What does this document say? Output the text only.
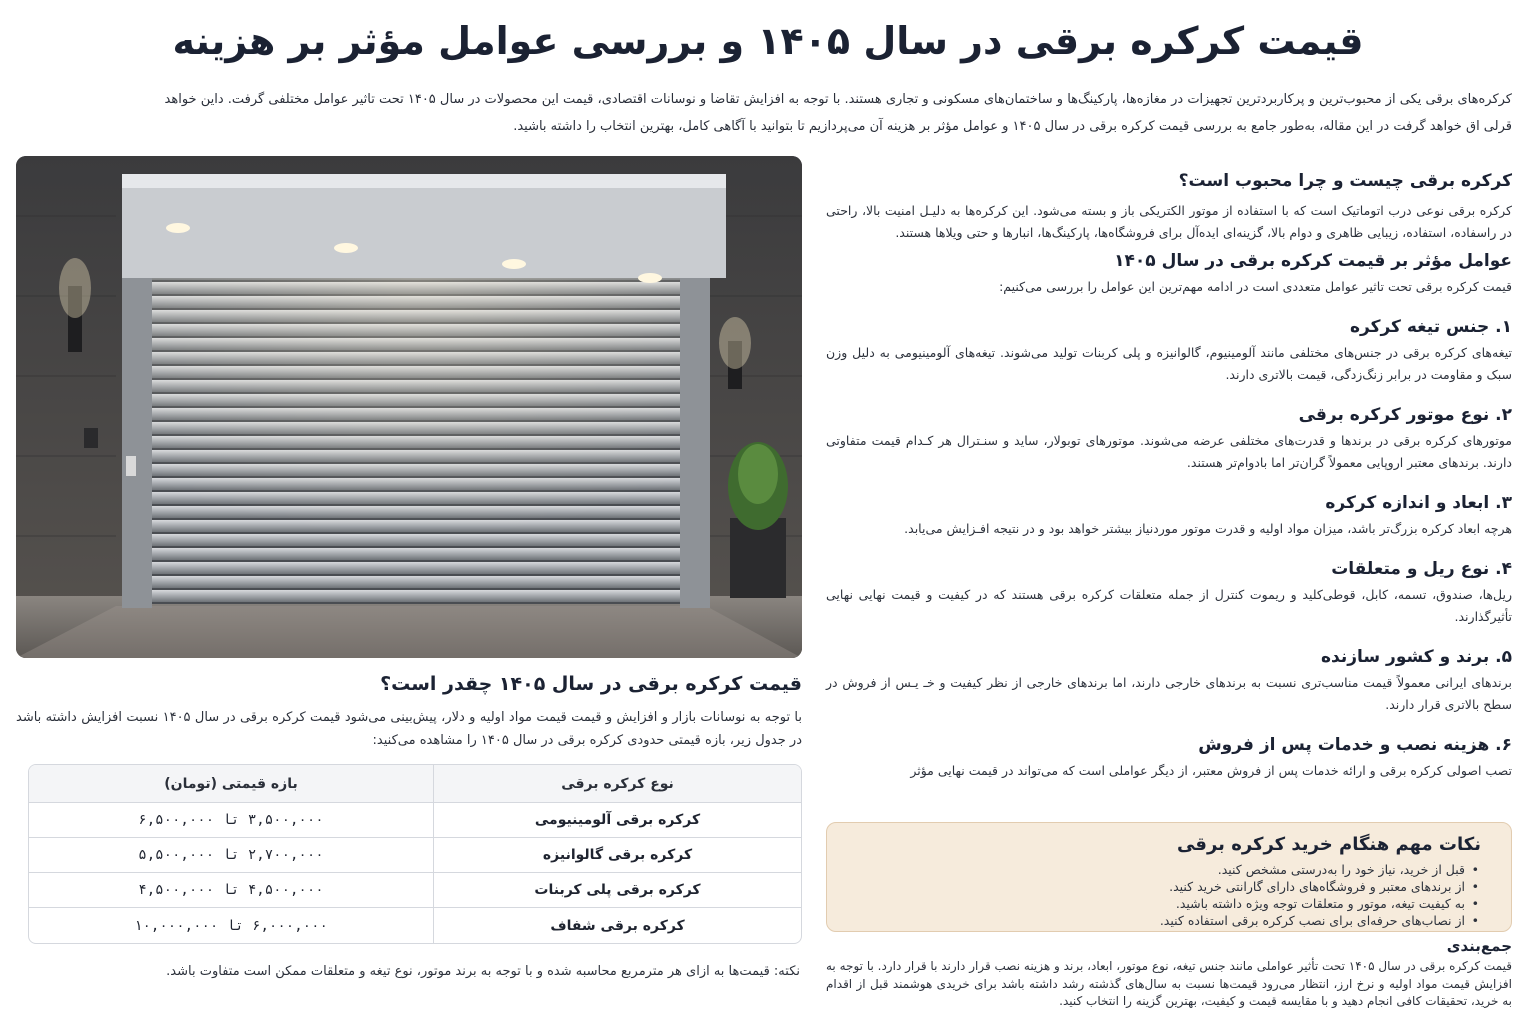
قیمت کرکره برقی در سال ۱۴۰۵ و بررسی عوامل مؤثر بر هزینه

کرکره‌های برقی یکی از محبوب‌ترین و پرکاربردترین تجهیزات در مغازه‌ها، پارکینگ‌ها و ساختمان‌های مسکونی و تجاری هستند. با توجه به افزایش تقاضا و نوسانات اقتصادی، قیمت این محصولات در سال ۱۴۰۵ تحت تاثیر عوامل مختلفی گرفت. دا‌ین خواهد

قرلی اق خواهد گرفت در این مقاله، به‌طور جامع به بررسی قیمت کرکره برقی در سال ۱۴۰۵ و عوامل مؤثر بر هزینه آن می‌پردازیم تا بتوانید با آگاهی کامل، بهترین انتخاب را داشته باشید.

کرکره برقی چیست و چرا محبوب است؟

کرکره برقی نوعی درب اتوماتیک است که با استفاده از موتور الکتریکی باز و بسته می‌شود. این کرکره‌ها به دلیـل امنیت بالا، راحتی در راسفاده، استفاده، زیبایی ظاهری و دوام بالا، گزینه‌ای ایده‌آل برای فروشگاه‌ها، پارکینگ‌ها، انبارها و حتی ویلاها هستند.

عوامل مؤثر بر قیمت کرکره برقی در سال ۱۴۰۵

قیمت کرکره برقی تحت تاثیر عوامل متعددی است در ادامه مهم‌ترین این عوامل را بررسی می‌کنیم:

۱. جنس تیغه کرکره

تیغه‌های کرکره برقی در جنس‌های مختلفی مانند آلومینیوم، گالوانیزه و پلی کربنات تولید می‌شوند. تیغه‌های آلومینیومی به دلیل وزن سبک و مقاومت در برابر زنگ‌زدگی، قیمت بالاتری دارند.

۲. نوع موتور کرکره برقی

موتورهای کرکره برقی در برندها و قدرت‌های مختلفی عرضه می‌شوند. موتورهای توبولار، ساید و سنـترال هر کـدام قیمت متفاوتی دارند. برندهای معتبر اروپایی معمولاً گران‌تر اما بادوام‌تر هستند.

۳. ابعاد و اندازه کرکره

هرچه ابعاد کرکره بزرگ‌تر باشد، میزان مواد اولیه و قدرت موتور موردنیاز بیشتر خواهد بود و در نتیجه افـزایش می‌یابد.

۴. نوع ریل و متعلقات

ریل‌ها، صندوق، تسمه، کابل، قوطی‌کلید و ریموت کنترل از جمله متعلقات کرکره برقی هستند که در کیفیت و قیمت نهایی نهایی تأثیرگذارند.

۵. برند و کشور سازنده

برندهای ایرانی معمولاً قیمت مناسب‌تری نسبت به برندهای خارجی دارند، اما برندهای خارجی از نظر کیفیت و خـ یـس از فروش در سطح بالاتری قرار دارند.

۶. هزینه نصب و خدمات پس از فروش

تصب اصولی کرکره برقی و ارائه خدمات پس از فروش معتبر، از دیگر عواملی است که می‌تواند در قیمت نهایی مؤثر

نکات مهم هنگام خرید کرکره برقی
• قبل از خرید، نیاز خود را به‌درستی مشخص کنید.
• از برندهای معتبر و فروشگاه‌های دارای گارانتی خرید کنید.
• به کیفیت تیغه، موتور و متعلقات توجه ویژه داشته باشید.
• از نصاب‌های حرفه‌ای برای نصب کرکره برقی استفاده کنید.
جمع‌بندی

قیمت کرکره برقی در سال ۱۴۰۵ تحت تأثیر عواملی مانند جنس تیغه، نوع موتور، ابعاد، برند و هزینه نصب قرار دارند با قرار دارد. با توجه به افزایش قیمت مواد اولیه و نرخ ارز، انتظار می‌رود قیمت‌ها نسبت به سال‌های گذشته رشد داشته باشد برای خریدی هوشمند قبل از اقدام به خرید، تحقیقات کافی انجام دهید و با مقایسه قیمت و کیفیت، بهترین گزینه را انتخاب کنید.

قیمت کرکره برقی در سال ۱۴۰۵ چقدر است؟

با توجه به نوسانات بازار و افزایش و قیمت قیمت مواد اولیه و دلار، پیش‌بینی می‌شود قیمت کرکره برقی در سال ۱۴۰۵ نسبت افزایش داشته باشد در جدول زیر، بازه قیمتی حدودی کرکره برقی در سال ۱۴۰۵ را مشاهده می‌کنید:

نوع کرکره برقی	بازه قیمتی (تومان)
کرکره برقی آلومینیومی	۳,۵۰۰,۰۰۰ تا ۶,۵۰۰,۰۰۰
کرکره برقی گالوانیزه	۲,۷۰۰,۰۰۰ تا ۵,۵۰۰,۰۰۰
کرکره برقی پلی کربنات	۴,۵۰۰,۰۰۰ تا ۴,۵۰۰,۰۰۰
کرکره برقی شفاف	۶,۰۰۰,۰۰۰ تا ۱۰,۰۰۰,۰۰۰

نکته: قیمت‌ها به ازای هر مترمربع محاسبه شده و با توجه به برند موتور، نوع تیغه و متعلقات ممکن است متفاوت باشد.
